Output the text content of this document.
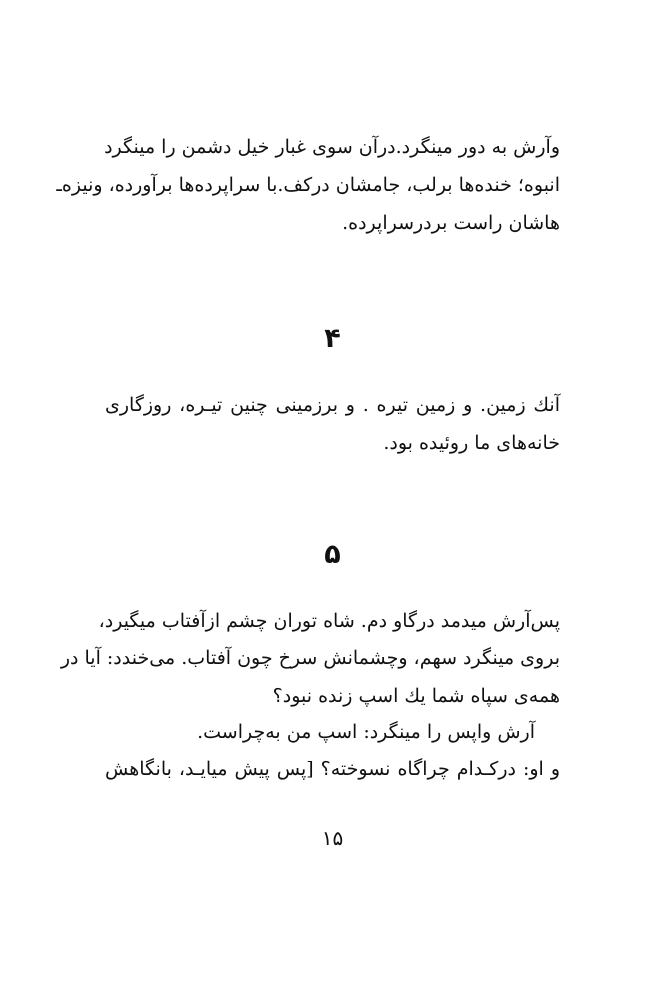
وآرش به دور مینگرد.درآن سوی غبار خیل دشمن را مینگرد
انبوه؛ خنده‌ها برلب، جامشان درکف.با سراپرده‌ها برآورده، ونیزه‌ـ
هاشان راست بردرسراپرده.
۴
آنك زمین. و زمین تیره . و برزمینی چنین تیـره، روزگاری
خانه‌های ما روئیده بود.
۵
پس‌آرش میدمد درگاو دم. شاه توران چشم ازآفتاب میگیرد،
بروی مینگرد سهم، وچشمانش سرخ چون آفتاب. می‌خندد: آیا در
همه‌ی سپاه شما یك اسپ زنده نبود؟
آرش واپس را مینگرد: اسپ من به‌چراست.
و او: درکـدام چراگاه نسوخته؟ [پس پیش میایـد، بانگاهش
۱۵
